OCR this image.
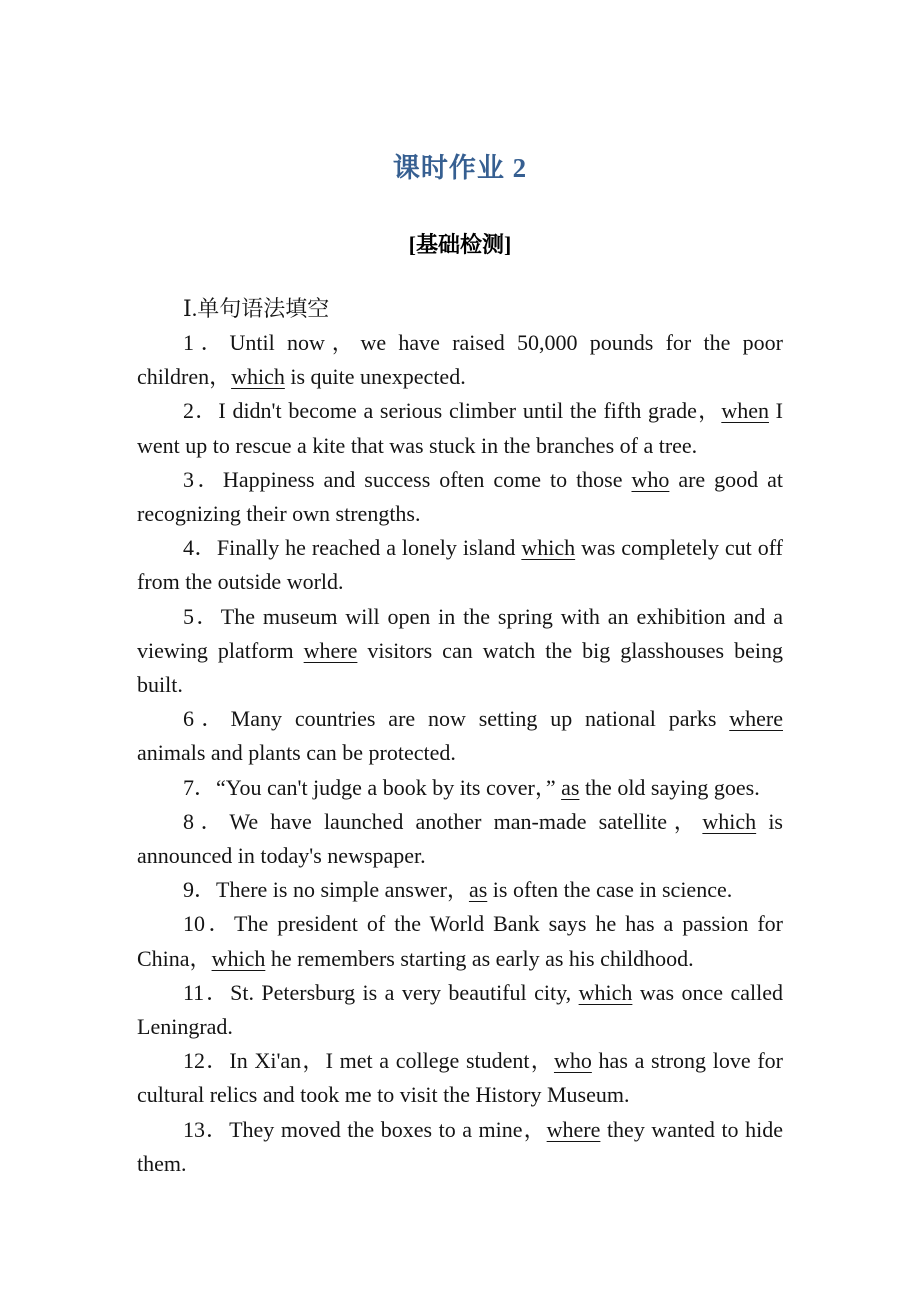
课时作业 2
[基础检测]

Ⅰ.单句语法填空

1．Until now，we have raised 50,000 pounds for the poor children，which is quite unexpected.

2．I didn't become a serious climber until the fifth grade，when I went up to rescue a kite that was stuck in the branches of a tree.

3．Happiness and success often come to those who are good at recognizing their own strengths.

4．Finally he reached a lonely island which was completely cut off from the outside world.

5．The museum will open in the spring with an exhibition and a viewing platform where visitors can watch the big glasshouses being built.

6．Many countries are now setting up national parks where animals and plants can be protected.

7．“You can't judge a book by its cover，” as the old saying goes.

8．We have launched another man-made satellite，which is announced in today's newspaper.

9．There is no simple answer，as is often the case in science.

10．The president of the World Bank says he has a passion for China，which he remembers starting as early as his childhood.

11．St. Petersburg is a very beautiful city, which was once called Leningrad.

12．In Xi'an，I met a college student，who has a strong love for cultural relics and took me to visit the History Museum.

13．They moved the boxes to a mine，where they wanted to hide them.
